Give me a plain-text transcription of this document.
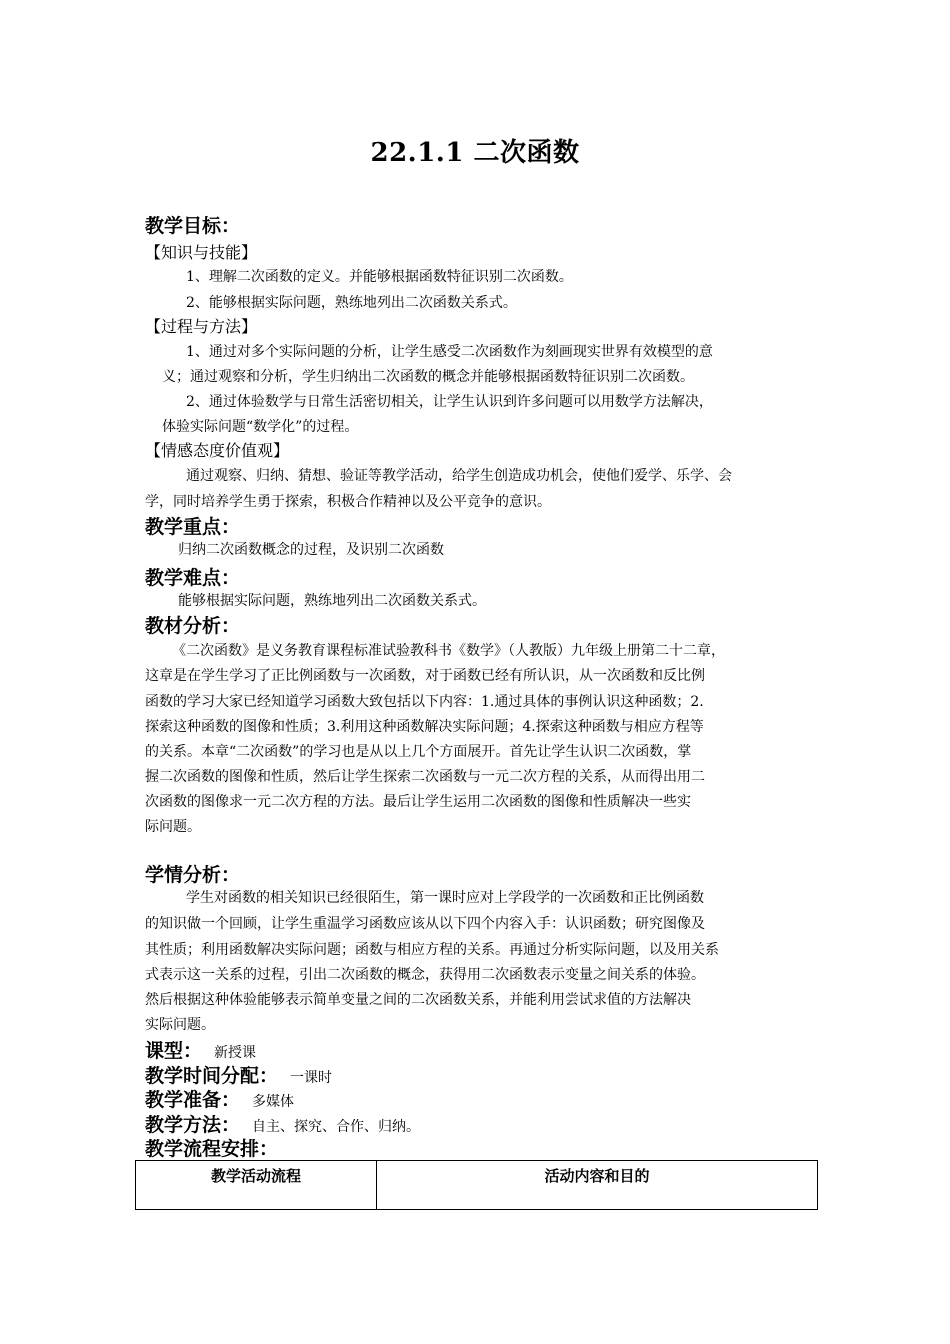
22.1.1 二次函数
教学目标：
【知识与技能】
1、理解二次函数的定义。并能够根据函数特征识别二次函数。
2、能够根据实际问题，熟练地列出二次函数关系式。
【过程与方法】
1、通过对多个实际问题的分析，让学生感受二次函数作为刻画现实世界有效模型的意
义；通过观察和分析，学生归纳出二次函数的概念并能够根据函数特征识别二次函数。
2、通过体验数学与日常生活密切相关，让学生认识到许多问题可以用数学方法解决，
体验实际问题“数学化”的过程。
【情感态度价值观】
通过观察、归纳、猜想、验证等教学活动，给学生创造成功机会，使他们爱学、乐学、会
学，同时培养学生勇于探索，积极合作精神以及公平竞争的意识。
教学重点：
归纳二次函数概念的过程，及识别二次函数
教学难点：
能够根据实际问题，熟练地列出二次函数关系式。
教材分析：
《二次函数》是义务教育课程标准试验教科书《数学》（人教版）九年级上册第二十二章，
这章是在学生学习了正比例函数与一次函数，对于函数已经有所认识，从一次函数和反比例
函数的学习大家已经知道学习函数大致包括以下内容：1.通过具体的事例认识这种函数；2.
探索这种函数的图像和性质；3.利用这种函数解决实际问题；4.探索这种函数与相应方程等
的关系。本章“二次函数”的学习也是从以上几个方面展开。首先让学生认识二次函数，掌
握二次函数的图像和性质，然后让学生探索二次函数与一元二次方程的关系，从而得出用二
次函数的图像求一元二次方程的方法。最后让学生运用二次函数的图像和性质解决一些实
际问题。
学情分析：
学生对函数的相关知识已经很陌生，第一课时应对上学段学的一次函数和正比例函数
的知识做一个回顾，让学生重温学习函数应该从以下四个内容入手：认识函数；研究图像及
其性质；利用函数解决实际问题；函数与相应方程的关系。再通过分析实际问题，以及用关系
式表示这一关系的过程，引出二次函数的概念，获得用二次函数表示变量之间关系的体验。
然后根据这种体验能够表示简单变量之间的二次函数关系，并能利用尝试求值的方法解决
实际问题。
课型： 新授课
教学时间分配： 一课时
教学准备： 多媒体
教学方法： 自主、探究、合作、归纳。
教学流程安排：
教学活动流程	活动内容和目的
